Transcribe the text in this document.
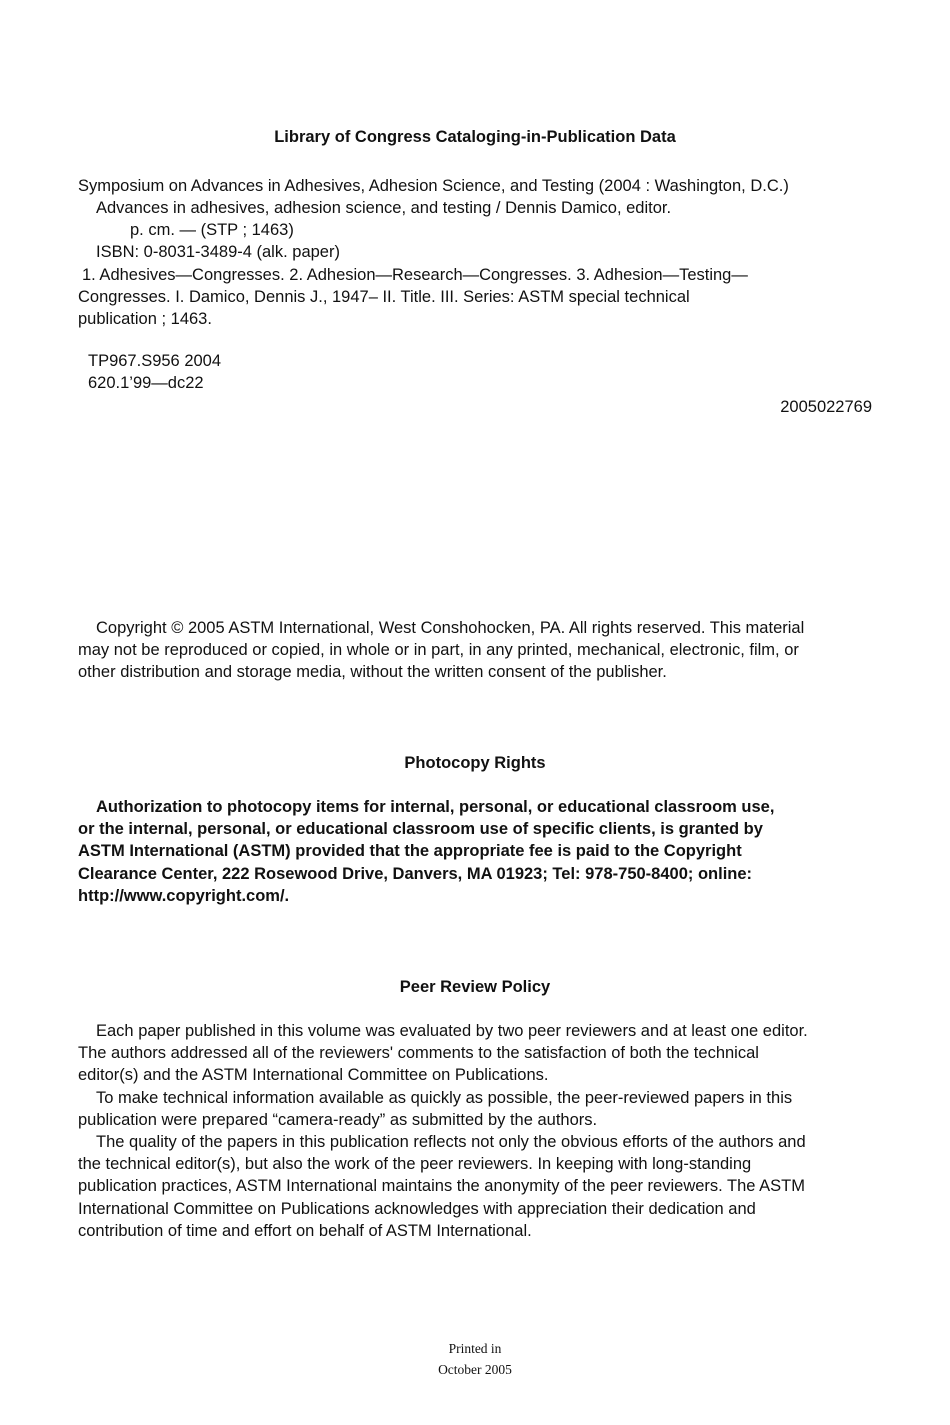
Library of Congress Cataloging-in-Publication Data
Symposium on Advances in Adhesives, Adhesion Science, and Testing (2004 : Washington, D.C.)
Advances in adhesives, adhesion science, and testing / Dennis Damico, editor.
p. cm. — (STP ; 1463)
ISBN: 0-8031-3489-4 (alk. paper)
1. Adhesives—Congresses. 2. Adhesion—Research—Congresses. 3. Adhesion—Testing—
Congresses. I. Damico, Dennis J., 1947– II. Title. III. Series: ASTM special technical
publication ; 1463.
TP967.S956 2004
620.1’99—dc22
2005022769
Copyright © 2005 ASTM International, West Conshohocken, PA. All rights reserved. This material
may not be reproduced or copied, in whole or in part, in any printed, mechanical, electronic, film, or
other distribution and storage media, without the written consent of the publisher.
Photocopy Rights
Authorization to photocopy items for internal, personal, or educational classroom use,
or the internal, personal, or educational classroom use of specific clients, is granted by
ASTM International (ASTM) provided that the appropriate fee is paid to the Copyright
Clearance Center, 222 Rosewood Drive, Danvers, MA 01923; Tel: 978-750-8400; online:
http://www.copyright.com/.
Peer Review Policy
Each paper published in this volume was evaluated by two peer reviewers and at least one editor.
The authors addressed all of the reviewers' comments to the satisfaction of both the technical
editor(s) and the ASTM International Committee on Publications.
To make technical information available as quickly as possible, the peer-reviewed papers in this
publication were prepared “camera-ready” as submitted by the authors.
The quality of the papers in this publication reflects not only the obvious efforts of the authors and
the technical editor(s), but also the work of the peer reviewers. In keeping with long-standing
publication practices, ASTM International maintains the anonymity of the peer reviewers. The ASTM
International Committee on Publications acknowledges with appreciation their dedication and
contribution of time and effort on behalf of ASTM International.
Printed in
October 2005
